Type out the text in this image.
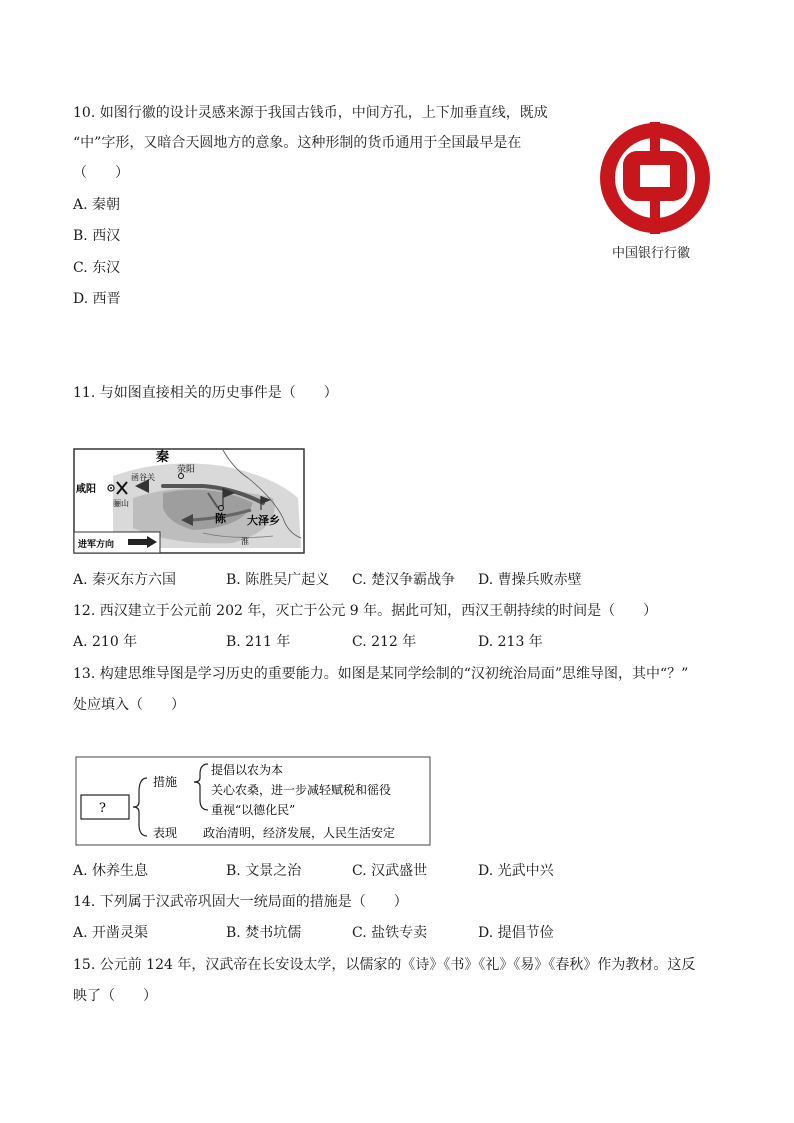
10. 如图行徽的设计灵感来源于我国古钱币，中间方孔，上下加垂直线，既成
“中”字形，又暗合天圆地方的意象。这种形制的货币通用于全国最早是在
（　　）
A. 秦朝
B. 西汉
C. 东汉
D. 西晋
中国银行行徽
11. 与如图直接相关的历史事件是（　　）
秦
咸阳
骊山
函谷关
荥阳
陈 大泽乡
淮
进军方向
A. 秦灭东方六国	B. 陈胜吴广起义 C. 楚汉争霸战争 D. 曹操兵败赤壁
12. 西汉建立于公元前 202 年，灭亡于公元 9 年。据此可知，西汉王朝持续的时间是（　　）
A. 210 年	B. 211 年	C. 212 年	D. 213 年
13. 构建思维导图是学习历史的重要能力。如图是某同学绘制的“汉初统治局面”思维导图，其中“？”
处应填入（　　）
?
措施
表现
提倡以农为本
关心农桑，进一步减轻赋税和徭役
重视“以德化民”
政治清明，经济发展，人民生活安定
A. 休养生息	B. 文景之治	C. 汉武盛世	D. 光武中兴
14. 下列属于汉武帝巩固大一统局面的措施是（　　）
A. 开凿灵渠	B. 焚书坑儒	C. 盐铁专卖	D. 提倡节俭
15. 公元前 124 年，汉武帝在长安设太学，以儒家的《诗》《书》《礼》《易》《春秋》作为教材。这反
映了（　　）
